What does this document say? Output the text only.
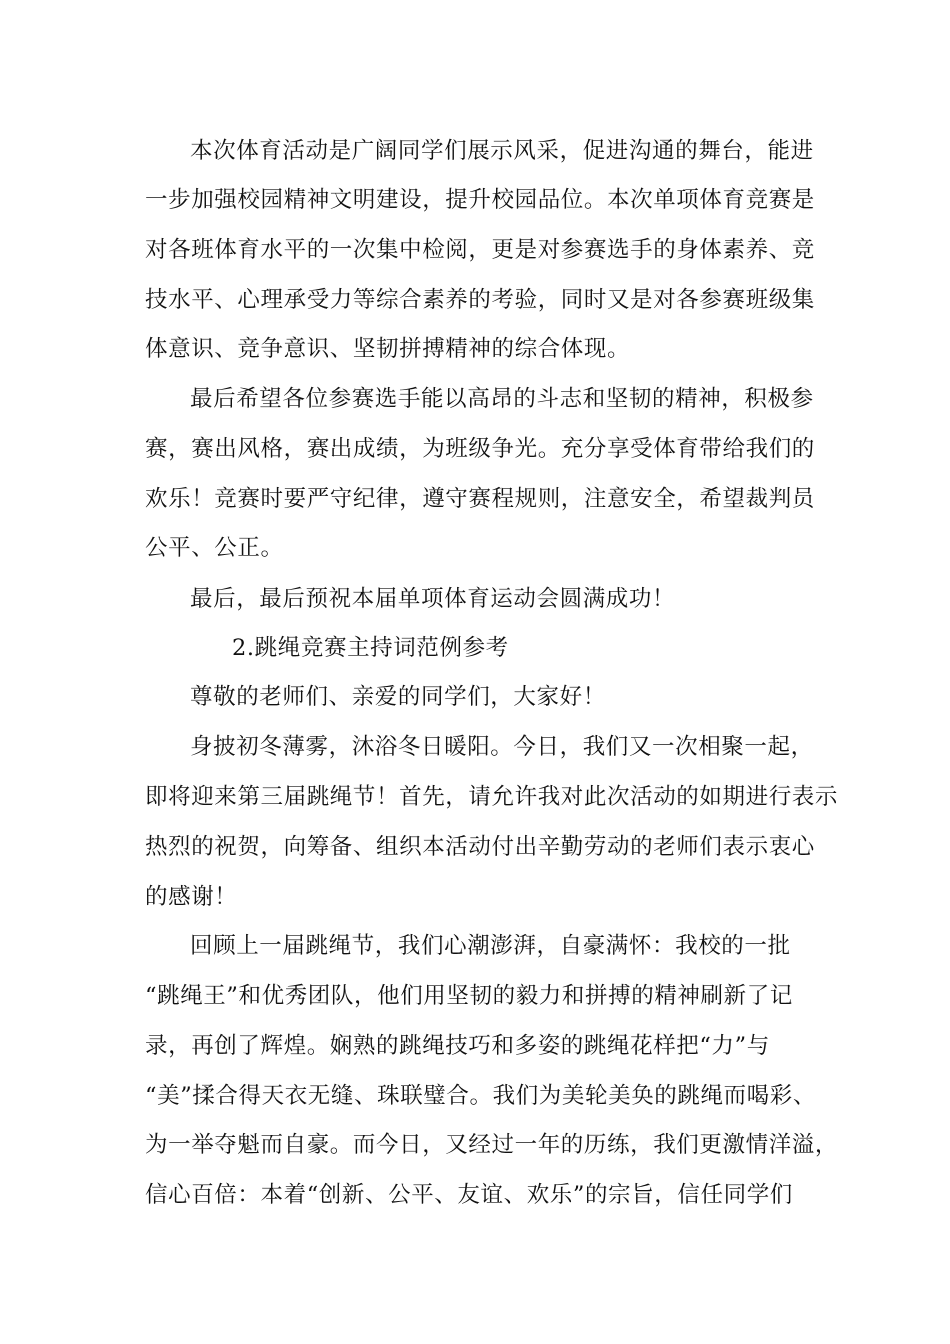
本次体育活动是广阔同学们展示风采，促进沟通的舞台，能进
一步加强校园精神文明建设，提升校园品位。本次单项体育竞赛是
对各班体育水平的一次集中检阅，更是对参赛选手的身体素养、竞
技水平、心理承受力等综合素养的考验，同时又是对各参赛班级集
体意识、竞争意识、坚韧拼搏精神的综合体现。
最后希望各位参赛选手能以高昂的斗志和坚韧的精神，积极参
赛，赛出风格，赛出成绩，为班级争光。充分享受体育带给我们的
欢乐！竞赛时要严守纪律，遵守赛程规则，注意安全，希望裁判员
公平、公正。
最后，最后预祝本届单项体育运动会圆满成功！
2.跳绳竞赛主持词范例参考
尊敬的老师们、亲爱的同学们，大家好！
身披初冬薄雾，沐浴冬日暖阳。今日，我们又一次相聚一起，
即将迎来第三届跳绳节！首先，请允许我对此次活动的如期进行表示
热烈的祝贺，向筹备、组织本活动付出辛勤劳动的老师们表示衷心
的感谢！
回顾上一届跳绳节，我们心潮澎湃，自豪满怀：我校的一批
“跳绳王”和优秀团队，他们用坚韧的毅力和拼搏的精神刷新了记
录，再创了辉煌。娴熟的跳绳技巧和多姿的跳绳花样把“力”与
“美”揉合得天衣无缝、珠联璧合。我们为美轮美奂的跳绳而喝彩、
为一举夺魁而自豪。而今日，又经过一年的历练，我们更激情洋溢，
信心百倍：本着“创新、公平、友谊、欢乐”的宗旨，信任同学们
